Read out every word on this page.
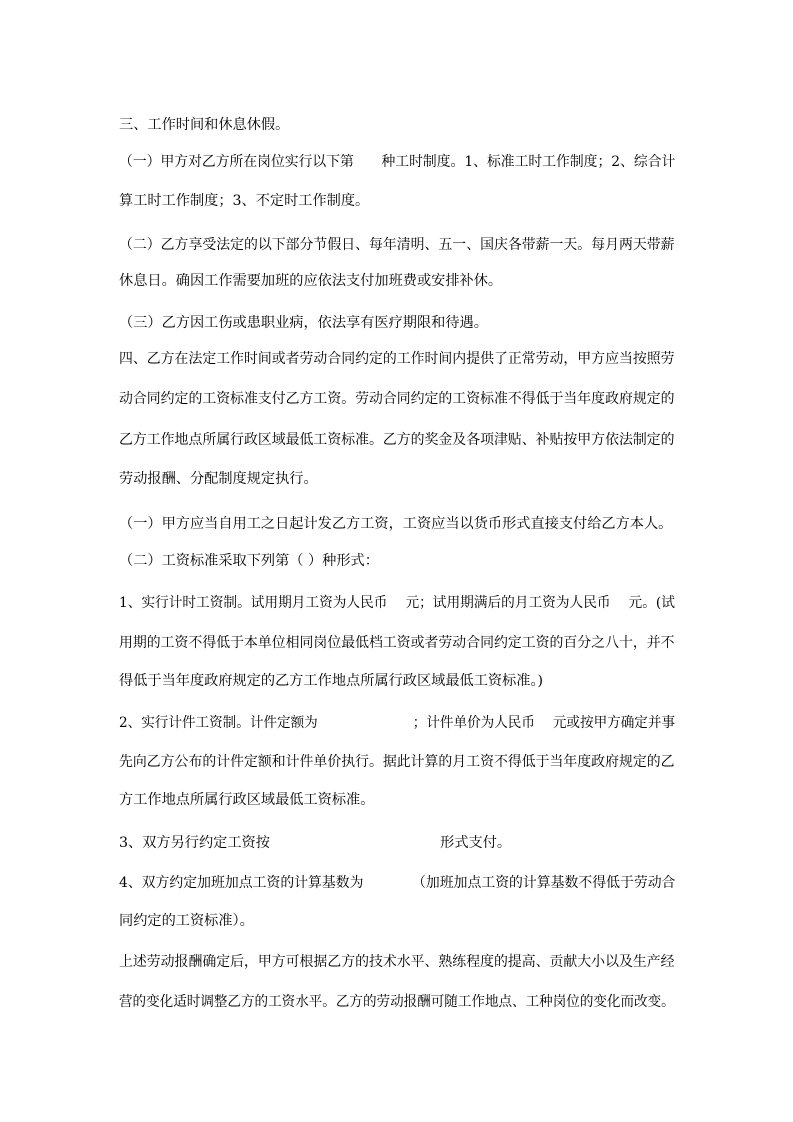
三、工作时间和休息休假。
（一）甲方对乙方所在岗位实行以下第　　种工时制度。1、标准工时工作制度；2、综合计
算工时工作制度；3、不定时工作制度。
（二）乙方享受法定的以下部分节假日、每年清明、五一、国庆各带薪一天。每月两天带薪
休息日。确因工作需要加班的应依法支付加班费或安排补休。
（三）乙方因工伤或患职业病，依法享有医疗期限和待遇。
四、乙方在法定工作时间或者劳动合同约定的工作时间内提供了正常劳动，甲方应当按照劳
动合同约定的工资标准支付乙方工资。劳动合同约定的工资标准不得低于当年度政府规定的
乙方工作地点所属行政区域最低工资标准。乙方的奖金及各项津贴、补贴按甲方依法制定的
劳动报酬、分配制度规定执行。
（一）甲方应当自用工之日起计发乙方工资，工资应当以货币形式直接支付给乙方本人。
（二）工资标准采取下列第（ ）种形式：
1、实行计时工资制。试用期月工资为人民币　 元；试用期满后的月工资为人民币　 元。(试
用期的工资不得低于本单位相同岗位最低档工资或者劳动合同约定工资的百分之八十，并不
得低于当年度政府规定的乙方工作地点所属行政区域最低工资标准。)
2、实行计件工资制。计件定额为　　　　　　　；计件单价为人民币　 元或按甲方确定并事
先向乙方公布的计件定额和计件单价执行。据此计算的月工资不得低于当年度政府规定的乙
方工作地点所属行政区域最低工资标准。
3、双方另行约定工资按　　　　　　　　　　　　形式支付。
4、双方约定加班加点工资的计算基数为　　　　（加班加点工资的计算基数不得低于劳动合
同约定的工资标准）。
上述劳动报酬确定后，甲方可根据乙方的技术水平、熟练程度的提高、贡献大小以及生产经
营的变化适时调整乙方的工资水平。乙方的劳动报酬可随工作地点、工种岗位的变化而改变。
